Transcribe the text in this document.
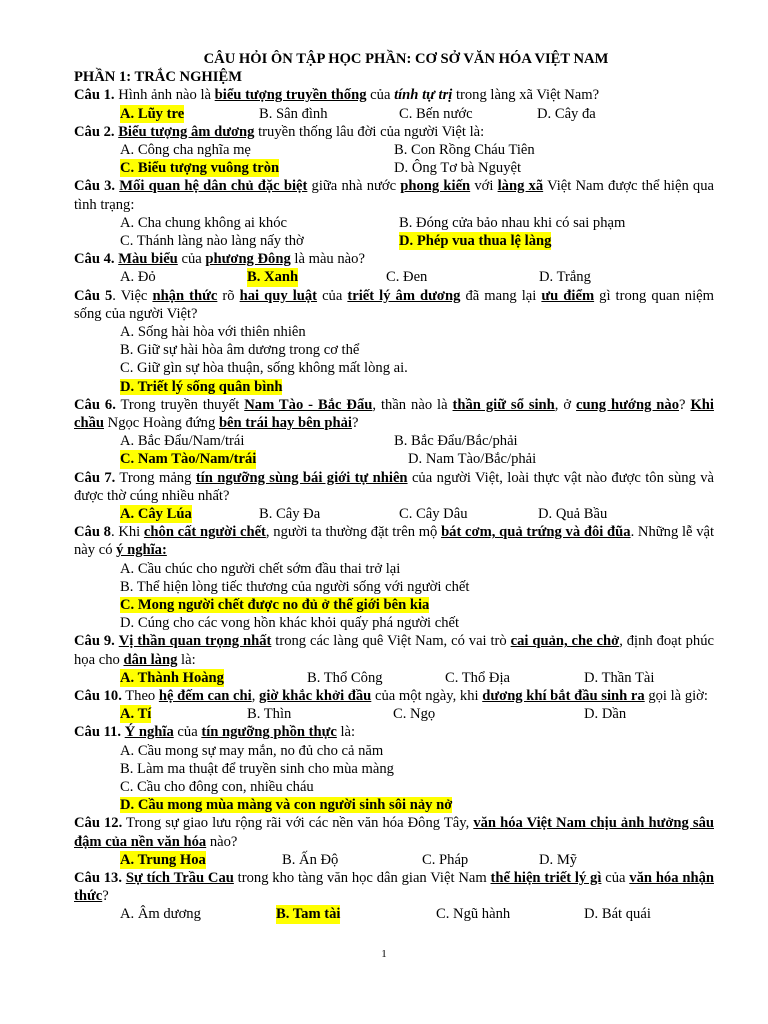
CÂU HỎI ÔN TẬP HỌC PHẦN: CƠ SỞ VĂN HÓA VIỆT NAM
PHẦN 1: TRẮC NGHIỆM
Câu 1. Hình ảnh nào là biểu tượng truyền thống của tính tự trị trong làng xã Việt Nam?
A. Lũy tre	B. Sân đình	C. Bến nước	D. Cây đa
Câu 2. Biểu tượng âm dương truyền thống lâu đời của người Việt là:
A. Công cha nghĩa mẹ	B. Con Rồng Cháu Tiên
C. Biểu tượng vuông tròn	D. Ông Tơ bà Nguyệt
Câu 3. Mối quan hệ dân chủ đặc biệt giữa nhà nước phong kiến với làng xã Việt Nam được thể hiện qua tình trạng:
A. Cha chung không ai khóc	B. Đóng cửa bảo nhau khi có sai phạm
C. Thánh làng nào làng nấy thờ	D. Phép vua thua lệ làng
Câu 4. Màu biểu của phương Đông là màu nào?
A. Đỏ	B. Xanh	C. Đen	D. Trắng
Câu 5. Việc nhận thức rõ hai quy luật của triết lý âm dương đã mang lại ưu điểm gì trong quan niệm sống của người Việt?
A. Sống hài hòa với thiên nhiên
B. Giữ sự hài hòa âm dương trong cơ thể
C. Giữ gìn sự hòa thuận, sống không mất lòng ai.
D. Triết lý sống quân bình
Câu 6. Trong truyền thuyết Nam Tào - Bắc Đẩu, thần nào là thần giữ sổ sinh, ở cung hướng nào? Khi chầu Ngọc Hoàng đứng bên trái hay bên phải?
A. Bắc Đẩu/Nam/trái	B. Bắc Đẩu/Bắc/phải
C. Nam Tào/Nam/trái	D. Nam Tào/Bắc/phải
Câu 7. Trong mảng tín ngưỡng sùng bái giới tự nhiên của người Việt, loài thực vật nào được tôn sùng và được thờ cúng nhiều nhất?
A. Cây Lúa	B. Cây Đa	C. Cây Dâu	D. Quả Bầu
Câu 8. Khi chôn cất người chết, người ta thường đặt trên mộ bát cơm, quả trứng và đôi đũa. Những lễ vật này có ý nghĩa:
A. Cầu chúc cho người chết sớm đầu thai trở lại
B. Thể hiện lòng tiếc thương của người sống với người chết
C. Mong người chết được no đủ ở thế giới bên kia
D. Cúng cho các vong hồn khác khỏi quấy phá người chết
Câu 9. Vị thần quan trọng nhất trong các làng quê Việt Nam, có vai trò cai quản, che chở, định đoạt phúc họa cho dân làng là:
A. Thành Hoàng	B. Thổ Công	C. Thổ Địa	D. Thần Tài
Câu 10. Theo hệ đếm can chi, giờ khắc khởi đầu của một ngày, khi dương khí bắt đầu sinh ra gọi là giờ:
A. Tí	B. Thìn	C. Ngọ	D. Dần
Câu 11. Ý nghĩa của tín ngưỡng phồn thực là:
A. Cầu mong sự may mắn, no đủ cho cả năm
B. Làm ma thuật để truyền sinh cho mùa màng
C. Cầu cho đông con, nhiều cháu
D. Cầu mong mùa màng và con người sinh sôi nảy nở
Câu 12. Trong sự giao lưu rộng rãi với các nền văn hóa Đông Tây, văn hóa Việt Nam chịu ảnh hưởng sâu đậm của nền văn hóa nào?
A. Trung Hoa	B. Ấn Độ	C. Pháp	D. Mỹ
Câu 13. Sự tích Trầu Cau trong kho tàng văn học dân gian Việt Nam thể hiện triết lý gì của văn hóa nhận thức?
A. Âm dương	B. Tam tài	C. Ngũ hành	D. Bát quái
1
